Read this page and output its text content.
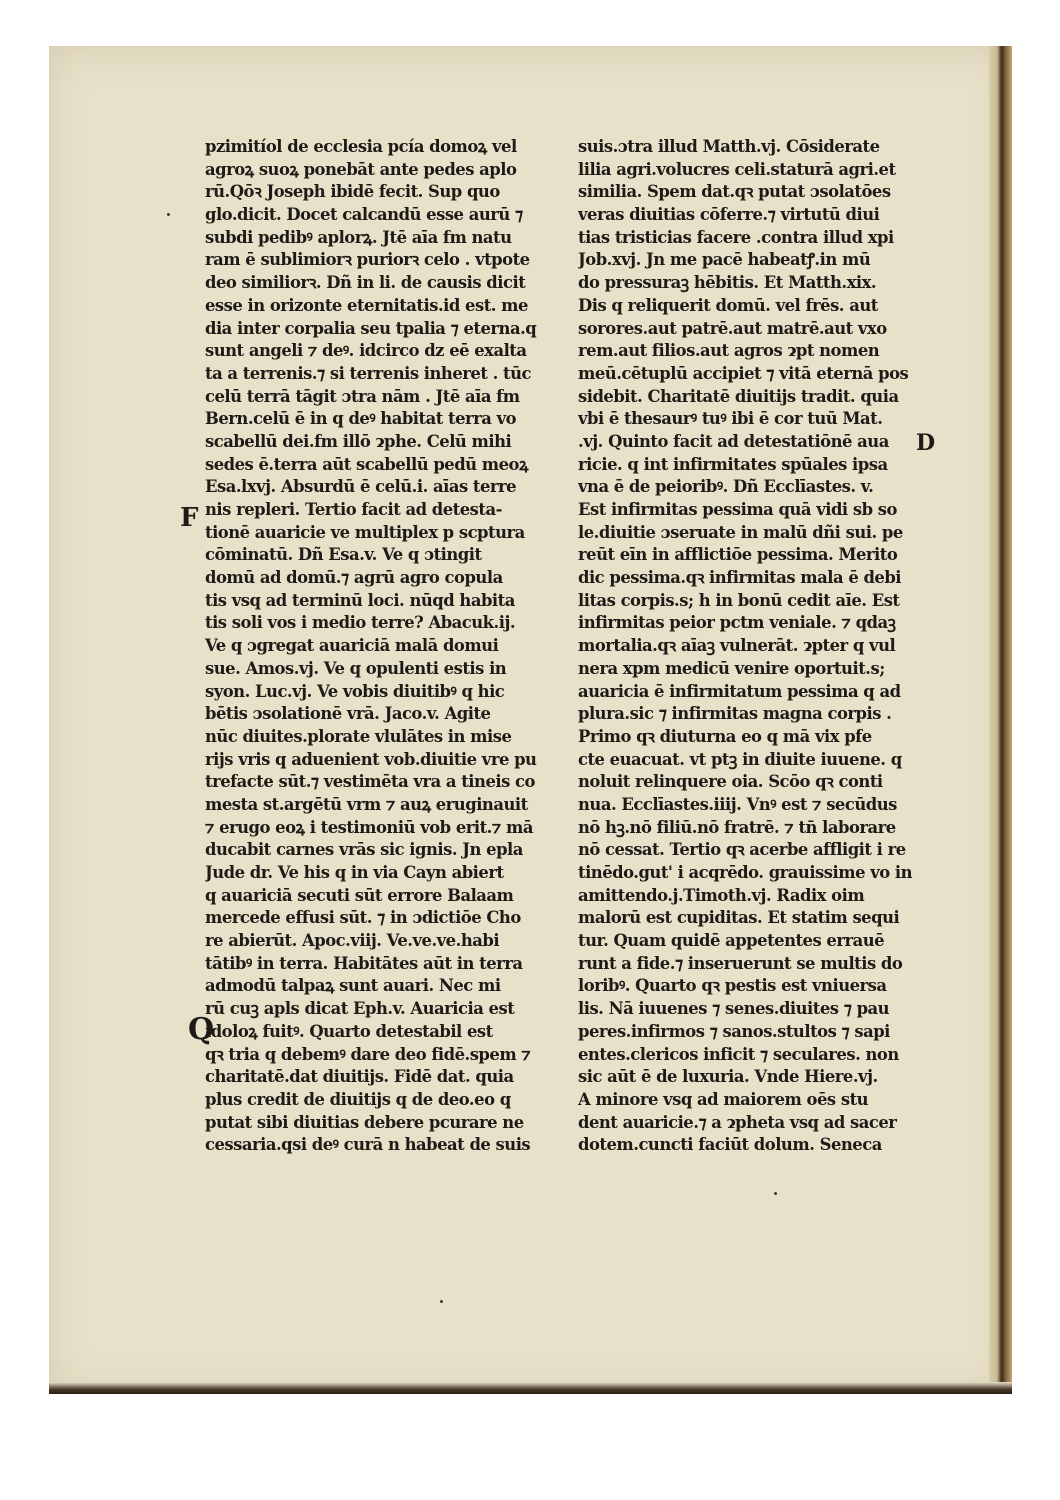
F
Q
D
pzimitíol de ecclesia pcía domoꝝ vel
agroꝝ suoꝝ ponebāt ante pedes aplo
rū.Qōꝛ Joseph ibidē fecit. Sup quo
glo.dicit. Docet calcandū esse aurū ⁊
subdi pedibꝰ aplorꝝ. Jtē aīa fm natu
ram ē sublimiorꝛ puriorꝛ celo . vtpote
deo similiorꝛ. Dñ in li. de causis dicit
esse in orizonte eternitatis.id est. me
dia inter corpalia seu tpalia ⁊ eterna.q
sunt angeli ⁊ deꝰ. idcirco dz eē exalta
ta a terrenis.⁊ si terrenis inheret . tūc
celū terrā tāgit ɔtra nām . Jtē aīa fm
Bern.celū ē in q deꝰ habitat terra vo
scabellū dei.fm illō ɂphe. Celū mihi
sedes ē.terra aūt scabellū pedū meoꝝ
Esa.lxvj. Absurdū ē celū.i. aīas terre
nis repleri. Tertio facit ad detesta-
tionē auaricie ve multiplex p scptura
cōminatū. Dñ Esa.v. Ve q ɔtingit
domū ad domū.⁊ agrū agro copula
tis vsq ad terminū loci. nūqd habita
tis soli vos i medio terre? Abacuk.ij.
Ve q ɔgregat auariciā malā domui
sue. Amos.vj. Ve q opulenti estis in
syon. Luc.vj. Ve vobis diuitibꝰ q hic
bētis ɔsolationē vrā. Jaco.v. Agite
nūc diuites.plorate vlulātes in mise
rijs vris q aduenient vob.diuitie vre pu
trefacte sūt.⁊ vestimēta vra a tineis co
mesta st.argētū vrm ⁊ auꝝ eruginauit
⁊ erugo eoꝝ i testimoniū vob erit.⁊ mā
ducabit carnes vrās sic ignis. Jn epla
Jude dr. Ve his q in via Cayn abiert
q auariciā secuti sūt errore Balaam
mercede effusi sūt. ⁊ in ɔdictiōe Cho
re abierūt. Apoc.viij. Ve.ve.ve.habi
tātibꝰ in terra. Habitātes aūt in terra
admodū talpaꝝ sunt auari. Nec mi
rū cuꝫ apls dicat Eph.v. Auaricia est
idoloꝝ fuitꝰ. Quarto detestabil est
qꝛ tria q debemꝰ dare deo fidē.spem ⁊
charitatē.dat diuitijs. Fidē dat. quia
plus credit de diuitijs q de deo.eo q
putat sibi diuitias debere pcurare ne
cessaria.qsi deꝰ curā n habeat de suis
suis.ɔtra illud Matth.vj. Cōsiderate
lilia agri.volucres celi.staturā agri.et
similia. Spem dat.qꝛ putat ɔsolatōes
veras diuitias cōferre.⁊ virtutū diui
tias tristicias facere .contra illud xpi
Job.xvj. Jn me pacē habeatꝭ.in mū
do pressuraꝫ hēbitis. Et Matth.xix.
Dis q reliquerit domū. vel frēs. aut
sorores.aut patrē.aut matrē.aut vxo
rem.aut filios.aut agros ɂpt nomen
meū.cētuplū accipiet ⁊ vitā eternā pos
sidebit. Charitatē diuitijs tradit. quia
vbi ē thesaurꝰ tuꝰ ibi ē cor tuū Mat.
.vj. Quinto facit ad detestatiōnē aua
ricie. q int infirmitates spūales ipsa
vna ē de peioribꝰ. Dñ Ecclīastes. v.
Est infirmitas pessima quā vidi sb so
le.diuitie ɔseruate in malū dñi sui. pe
reūt eīn in afflictiōe pessima. Merito
dic pessima.qꝛ infirmitas mala ē debi
litas corpis.s; h in bonū cedit aīe. Est
infirmitas peior pctm veniale. ⁊ qdaꝫ
mortalia.qꝛ aīaꝫ vulnerāt. ɂpter q vul
nera xpm medicū venire oportuit.s;
auaricia ē infirmitatum pessima q ad
plura.sic ⁊ infirmitas magna corpis .
Primo qꝛ diuturna eo q mā vix pfe
cte euacuat. vt ptꝫ in diuite iuuene. q
noluit relinquere oia. Scōo qꝛ conti
nua. Ecclīastes.iiij. Vnꝰ est ⁊ secūdus
nō hꝫ.nō filiū.nō fratrē. ⁊ tn̄ laborare
nō cessat. Tertio qꝛ acerbe affligit i re
tinēdo.gut' i acqrēdo. grauissime vo in
amittendo.j.Timoth.vj. Radix oim
malorū est cupiditas. Et statim sequi
tur. Quam quidē appetentes errauē
runt a fide.⁊ inseruerunt se multis do
loribꝰ. Quarto qꝛ pestis est vniuersa
lis. Nā iuuenes ⁊ senes.diuites ⁊ pau
peres.infirmos ⁊ sanos.stultos ⁊ sapi
entes.clericos inficit ⁊ seculares. non
sic aūt ē de luxuria. Vnde Hiere.vj.
A minore vsq ad maiorem oēs stu
dent auaricie.⁊ a ɂpheta vsq ad sacer
dotem.cuncti faciūt dolum. Seneca
